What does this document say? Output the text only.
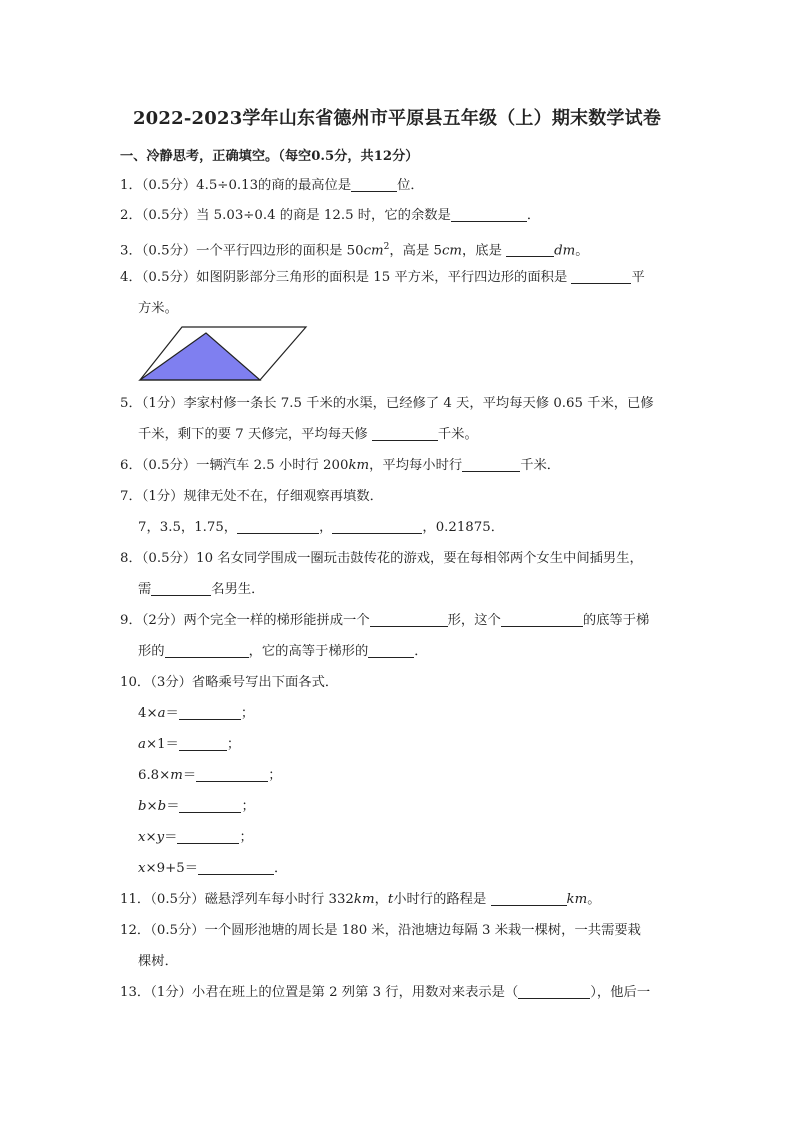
2022-2023学年山东省德州市平原县五年级（上）期末数学试卷
一、冷静思考，正确填空。（每空0.5分，共12分）
1．（0.5分）4.5÷0.13的商的最高位是	位．
2．（0.5分）当 5.03÷0.4 的商是 12.5 时，它的余数是	．
3．（0.5分）一个平行四边形的面积是 $50cm^2$，高是 5cm，底是	dm。
4．（0.5分）如图阴影部分三角形的面积是 15 平方米，平行四边形的面积是	平
方米。
5．（1分）李家村修一条长 7.5 千米的水渠，已经修了 4 天，平均每天修 0.65 千米，已修
千米，剩下的要 7 天修完，平均每天修	千米。
6．（0.5分）一辆汽车 2.5 小时行 200km，平均每小时行	千米．
7．（1分）规律无处不在，仔细观察再填数．
7，3.5，1.75，	，	，0.21875．
8．（0.5分）10 名女同学围成一圈玩击鼓传花的游戏，要在每相邻两个女生中间插男生，
需	名男生．
9．（2分）两个完全一样的梯形能拼成一个	形，这个	的底等于梯
形的	，它的高等于梯形的	．
10．（3分）省略乘号写出下面各式．
4×a＝	；
a×1＝	；
6.8×m＝	；
b×b＝	；
x×y＝	；
x×9+5＝	．
11．（0.5分）磁悬浮列车每小时行 332km，t小时行的路程是	km。
12．（0.5分）一个圆形池塘的周长是 180 米，沿池塘边每隔 3 米栽一棵树，一共需要栽
棵树．
13．（1分）小君在班上的位置是第 2 列第 3 行，用数对来表示是（	），他后一
